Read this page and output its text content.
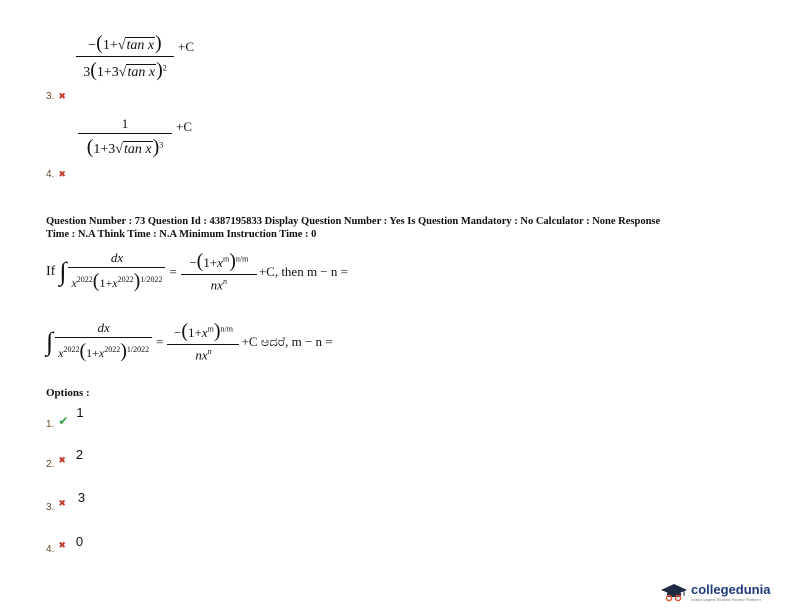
$\frac{\text{−(1+√tan x)}}{3(1+3√\tan x)^2} ^{+C}$
3. ✖
$\frac{1}{(1+3√\tan x)^3} ^{+C}$
4. ✖
Question Number : 73 Question Id : 4387195833 Display Question Number : Yes Is Question Mandatory : No Calculator : None Response
Time : N.A Think Time : N.A Minimum Instruction Time : 0
If ∫ $\frac{dx}{x^{2022}(1+x^{2022})^{1/2022}} = \frac{-(1+x^m)^{n/m}}{nx^n} +C$, then m − n =
∫ $\frac{dx}{x^{2022}(1+x^{2022})^{1/2022}} = \frac{-(1+x^m)^{n/m}}{nx^n} +C$ ಆದರೆ, m − n =
Options :
$_{1.}$ $_✔$ 1
$_{2.}$ $_✖$ 2
$_{3.}$ $_✖$ 3
$_{4.}$ ✖ 0
collegedunia
India's largest Student Review Platform
